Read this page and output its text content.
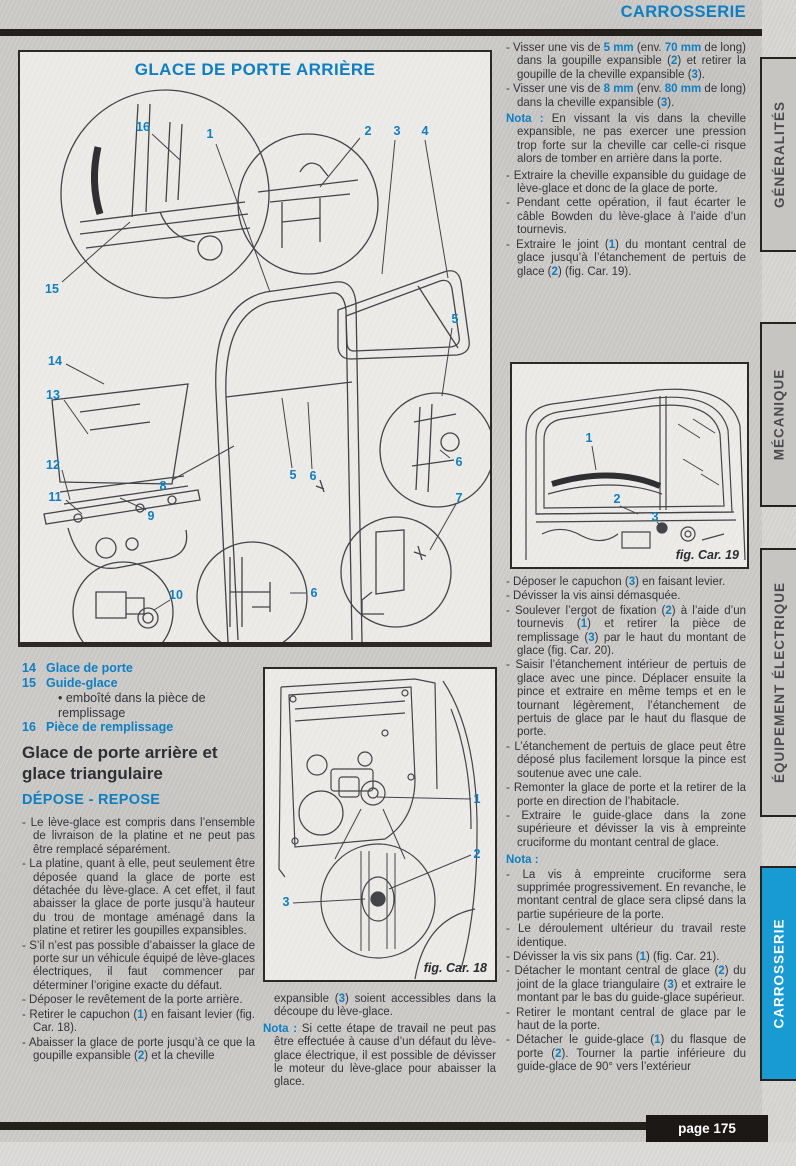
CARROSSERIE
GÉNÉRALITÉS
MÉCANIQUE
ÉQUIPEMENT ÉLECTRIQUE
CARROSSERIE
GLACE DE PORTE ARRIÈRE
16	1	2 3 4
15
5
14
13
12
11
8
9
10
5 6
6
7
6
14 Glace de porte
15 Guide-glace
• emboîté dans la pièce de remplissage
16 Pièce de remplissage
Glace de porte arrière et glace triangulaire
DÉPOSE - REPOSE
- Le lève-glace est compris dans l’ensemble de livraison de la platine et ne peut pas être remplacé séparément.
- La platine, quant à elle, peut seulement être déposée quand la glace de porte est détachée du lève-glace. A cet effet, il faut abaisser la glace de porte jusqu’à hauteur du trou de montage aménagé dans la platine et retirer les goupilles expansibles.
- S’il n’est pas possible d’abaisser la glace de porte sur un véhicule équipé de lève-glaces électriques, il faut commencer par déterminer l’origine exacte du défaut.
- Déposer le revêtement de la porte arrière.
- Retirer le capuchon (1) en faisant levier (fig. Car. 18).
- Abaisser la glace de porte jusqu’à ce que la goupille expansible (2) et la cheville
fig. Car. 18
1
2
3
expansible (3) soient accessibles dans la découpe du lève-glace.
Nota : Si cette étape de travail ne peut pas être effectuée à cause d’un défaut du lève-glace électrique, il est possible de dévisser le moteur du lève-glace pour abaisser la glace.
- Visser une vis de 5 mm (env. 70 mm de long) dans la goupille expansible (2) et retirer la goupille de la cheville expansible (3).
- Visser une vis de 8 mm (env. 80 mm de long) dans la cheville expansible (3).
Nota : En vissant la vis dans la cheville expansible, ne pas exercer une pression trop forte sur la cheville car celle-ci risque alors de tomber en arrière dans la porte.
- Extraire la cheville expansible du guidage de lève-glace et donc de la glace de porte.
- Pendant cette opération, il faut écarter le câble Bowden du lève-glace à l’aide d’un tournevis.
- Extraire le joint (1) du montant central de glace jusqu’à l’étanchement de pertuis de glace (2) (fig. Car. 19).
fig. Car. 19
1
2
3
- Déposer le capuchon (3) en faisant levier.
- Dévisser la vis ainsi démasquée.
- Soulever l’ergot de fixation (2) à l’aide d’un tournevis (1) et retirer la pièce de remplissage (3) par le haut du montant de glace (fig. Car. 20).
- Saisir l’étanchement intérieur de pertuis de glace avec une pince. Déplacer ensuite la pince et extraire en même temps et en le tournant légèrement, l’étanchement de pertuis de glace par le haut du flasque de porte.
- L’étanchement de pertuis de glace peut être déposé plus facilement lorsque la pince est soutenue avec une cale.
- Remonter la glace de porte et la retirer de la porte en direction de l’habitacle.
- Extraire le guide-glace dans la zone supérieure et dévisser la vis à empreinte cruciforme du montant central de glace.
Nota :
- La vis à empreinte cruciforme sera supprimée progressivement. En revanche, le montant central de glace sera clipsé dans la partie supérieure de la porte.
- Le déroulement ultérieur du travail reste identique.
- Dévisser la vis six pans (1) (fig. Car. 21).
- Détacher le montant central de glace (2) du joint de la glace triangulaire (3) et extraire le montant par le bas du guide-glace supérieur.
- Retirer le montant central de glace par le haut de la porte.
- Détacher le guide-glace (1) du flasque de porte (2). Tourner la partie inférieure du guide-glace de 90° vers l’extérieur
page 175
